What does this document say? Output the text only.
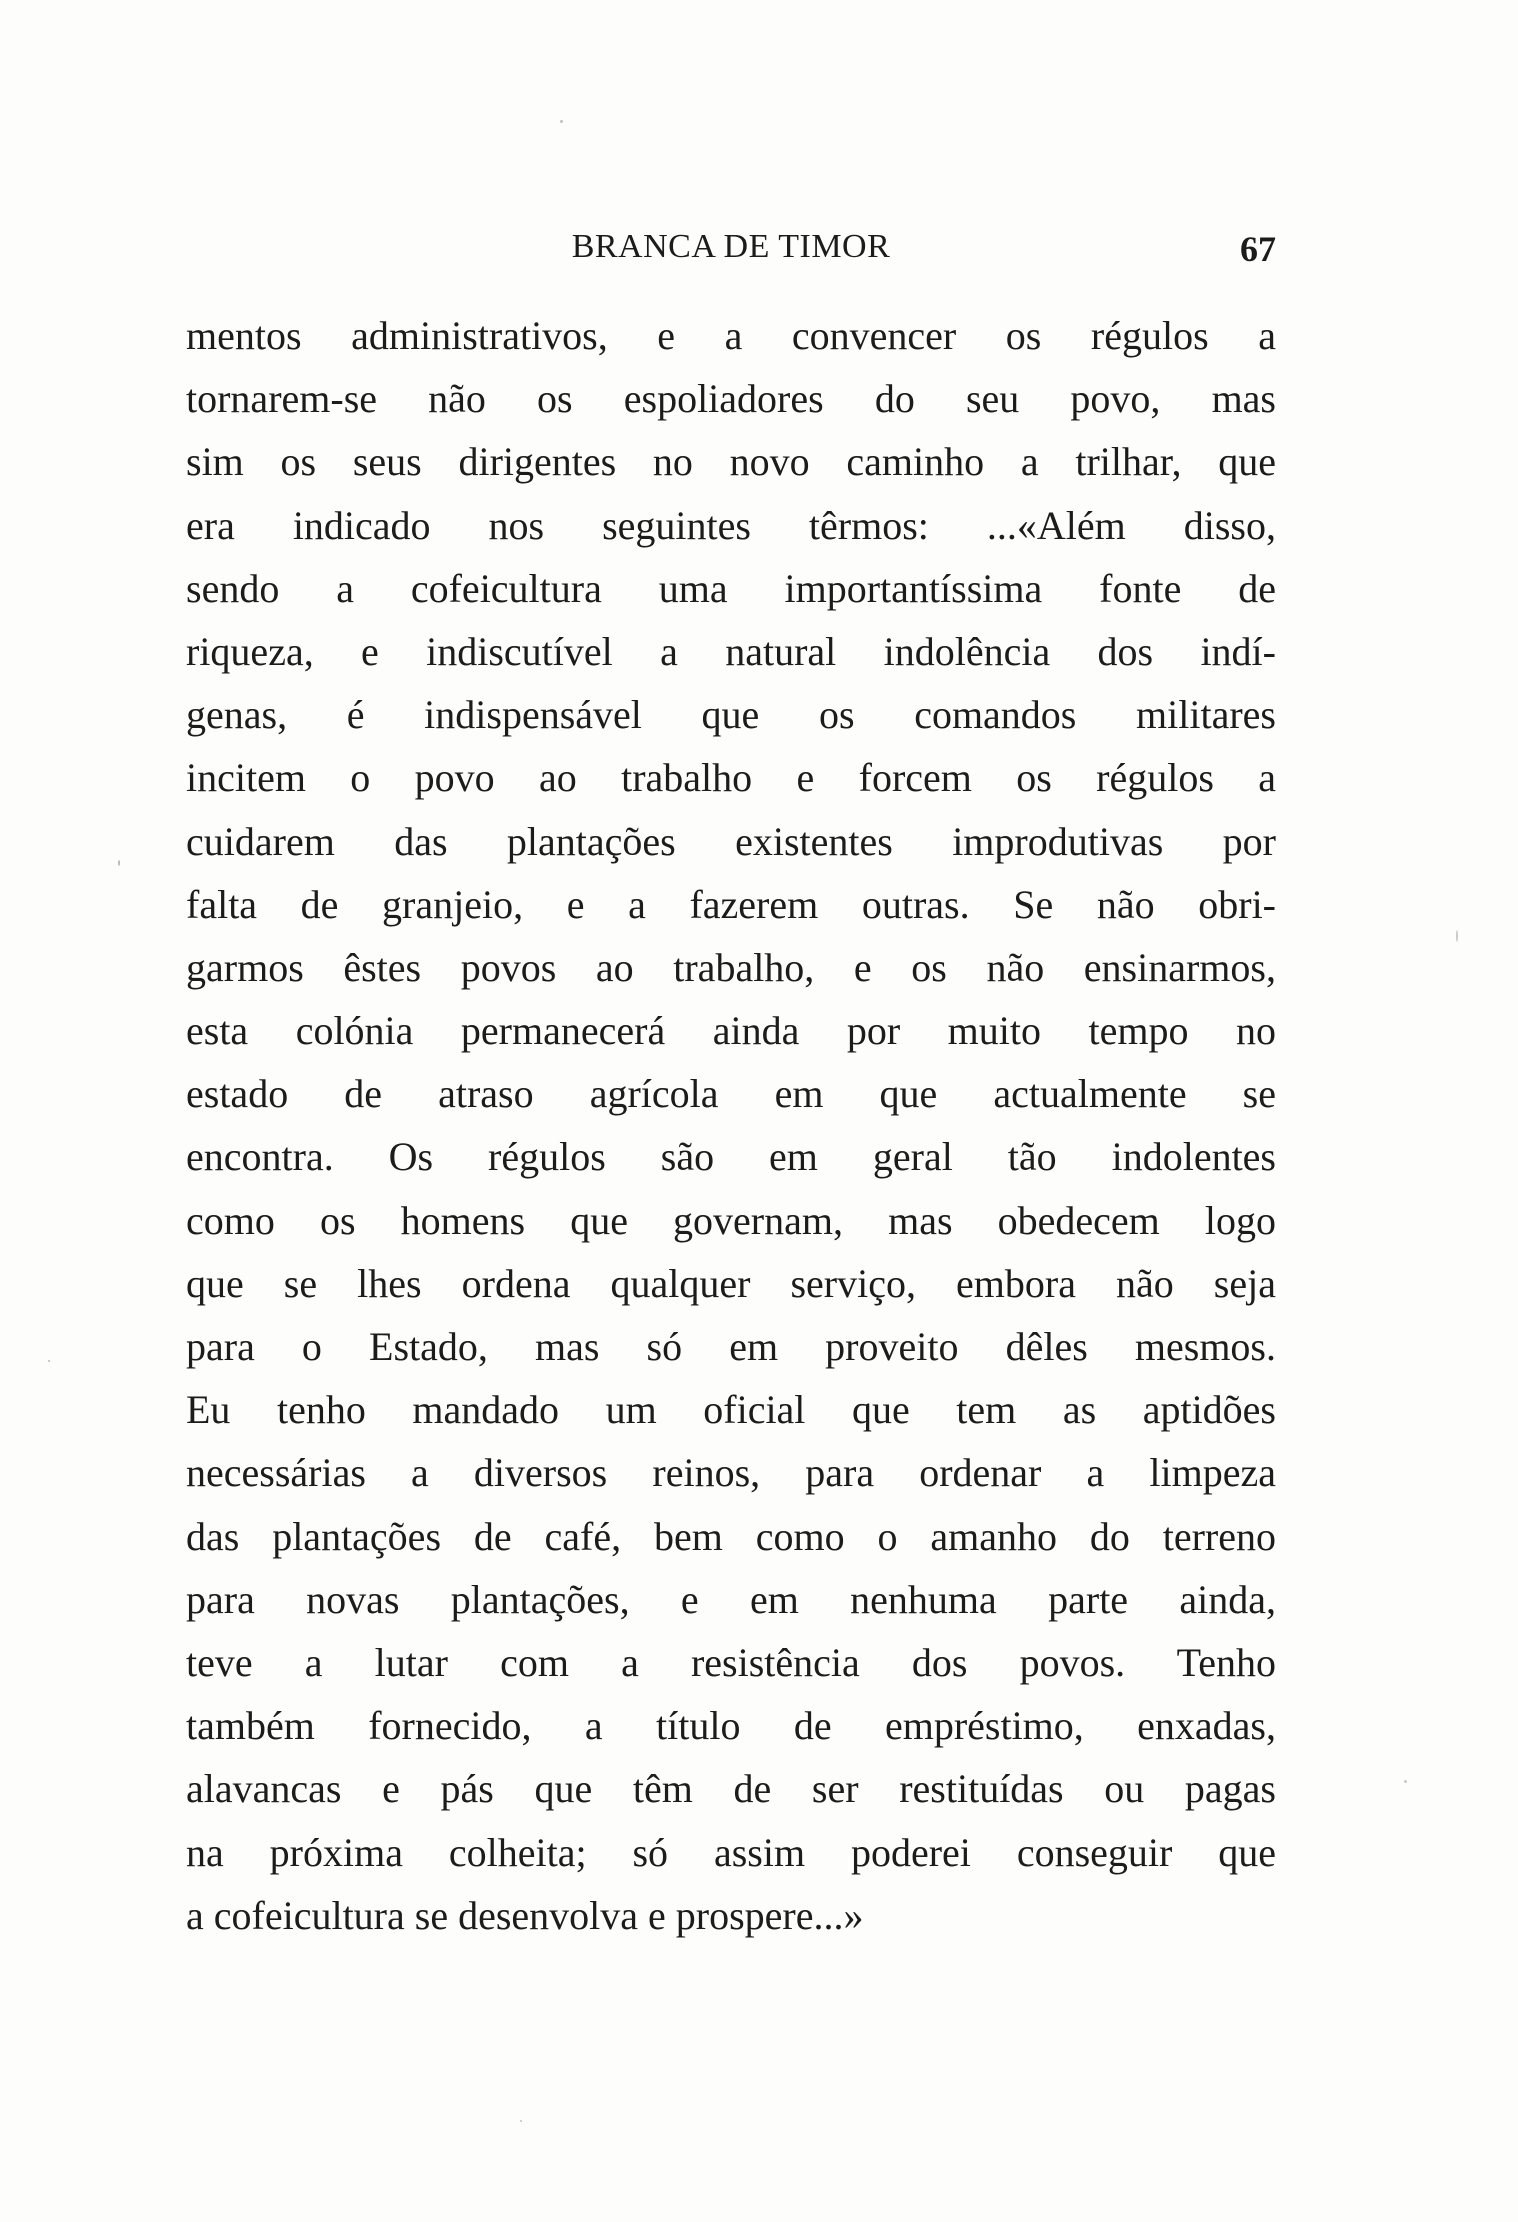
BRANCA DE TIMOR	67
mentos administrativos, e a convencer os régulos a
tornarem-se não os espoliadores do seu povo, mas
sim os seus dirigentes no novo caminho a trilhar, que
era indicado nos seguintes têrmos: ...«Além disso,
sendo a cofeicultura uma importantíssima fonte de
riqueza, e indiscutível a natural indolência dos indí-
genas, é indispensável que os comandos militares
incitem o povo ao trabalho e forcem os régulos a
cuidarem das plantações existentes improdutivas por
falta de granjeio, e a fazerem outras. Se não obri-
garmos êstes povos ao trabalho, e os não ensinarmos,
esta colónia permanecerá ainda por muito tempo no
estado de atraso agrícola em que actualmente se
encontra. Os régulos são em geral tão indolentes
como os homens que governam, mas obedecem logo
que se lhes ordena qualquer serviço, embora não seja
para o Estado, mas só em proveito dêles mesmos.
Eu tenho mandado um oficial que tem as aptidões
necessárias a diversos reinos, para ordenar a limpeza
das plantações de café, bem como o amanho do terreno
para novas plantações, e em nenhuma parte ainda,
teve a lutar com a resistência dos povos. Tenho
também fornecido, a título de empréstimo, enxadas,
alavancas e pás que têm de ser restituídas ou pagas
na próxima colheita; só assim poderei conseguir que
a cofeicultura se desenvolva e prospere...»
